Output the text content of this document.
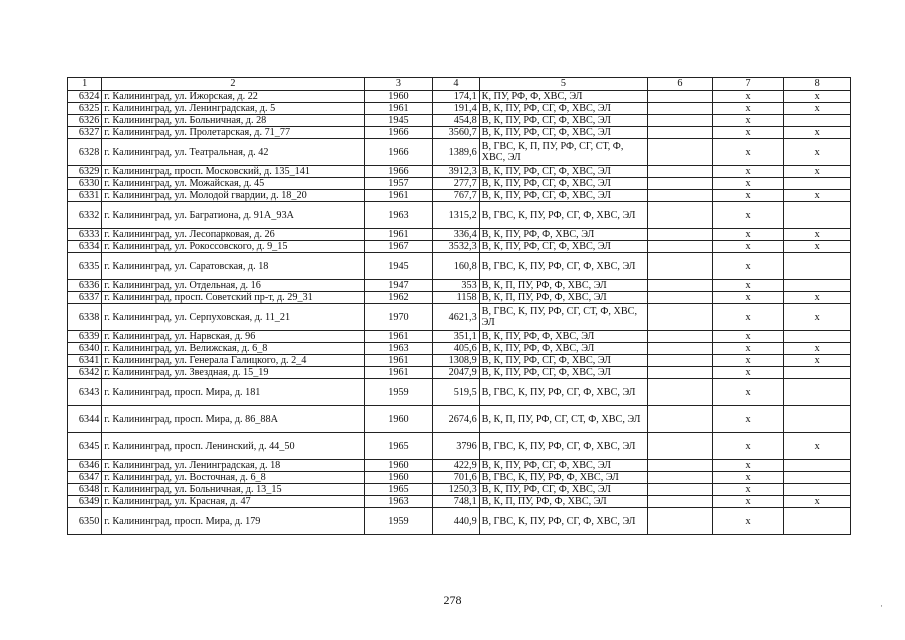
1	2	3	4	5	6	7	8
6324	г. Калининград, ул. Ижорская, д. 22	1960	174,1	К, ПУ, РФ, Ф, ХВС, ЭЛ		x	x
6325	г. Калининград, ул. Ленинградская, д. 5	1961	191,4	В, К, ПУ, РФ, СГ, Ф, ХВС, ЭЛ		x	x
6326	г. Калининград, ул. Больничная, д. 28	1945	454,8	В, К, ПУ, РФ, СГ, Ф, ХВС, ЭЛ		x	
6327	г. Калининград, ул. Пролетарская, д. 71_77	1966	3560,7	В, К, ПУ, РФ, СГ, Ф, ХВС, ЭЛ		x	x
6328	г. Калининград, ул. Театральная, д. 42	1966	1389,6	В, ГВС, К, П, ПУ, РФ, СГ, СТ, Ф, ХВС, ЭЛ		x	x
6329	г. Калининград, просп. Московский, д. 135_141	1966	3912,3	В, К, ПУ, РФ, СГ, Ф, ХВС, ЭЛ		x	x
6330	г. Калининград, ул. Можайская, д. 45	1957	277,7	В, К, ПУ, РФ, СГ, Ф, ХВС, ЭЛ		x	
6331	г. Калининград, ул. Молодой гвардии, д. 18_20	1961	767,7	В, К, ПУ, РФ, СГ, Ф, ХВС, ЭЛ		x	x
6332	г. Калининград, ул. Багратиона, д. 91А_93А	1963	1315,2	В, ГВС, К, ПУ, РФ, СГ, Ф, ХВС, ЭЛ		x	
6333	г. Калининград, ул. Лесопарковая, д. 26	1961	336,4	В, К, ПУ, РФ, Ф, ХВС, ЭЛ		x	x
6334	г. Калининград, ул. Рокоссовского, д. 9_15	1967	3532,3	В, К, ПУ, РФ, СГ, Ф, ХВС, ЭЛ		x	x
6335	г. Калининград, ул. Саратовская, д. 18	1945	160,8	В, ГВС, К, ПУ, РФ, СГ, Ф, ХВС, ЭЛ		x	
6336	г. Калининград, ул. Отдельная, д. 16	1947	353	В, К, П, ПУ, РФ, Ф, ХВС, ЭЛ		x	
6337	г. Калининград, просп. Советский пр-т, д. 29_31	1962	1158	В, К, П, ПУ, РФ, Ф, ХВС, ЭЛ		x	x
6338	г. Калининград, ул. Серпуховская, д. 11_21	1970	4621,3	В, ГВС, К, ПУ, РФ, СГ, СТ, Ф, ХВС, ЭЛ		x	x
6339	г. Калининград, ул. Нарвская, д. 96	1961	351,1	В, К, ПУ, РФ, Ф, ХВС, ЭЛ		x	
6340	г. Калининград, ул. Велижская, д. 6_8	1963	405,6	В, К, ПУ, РФ, Ф, ХВС, ЭЛ		x	x
6341	г. Калининград, ул. Генерала Галицкого, д. 2_4	1961	1308,9	В, К, ПУ, РФ, СГ, Ф, ХВС, ЭЛ		x	x
6342	г. Калининград, ул. Звездная, д. 15_19	1961	2047,9	В, К, ПУ, РФ, СГ, Ф, ХВС, ЭЛ		x	
6343	г. Калининград, просп. Мира, д. 181	1959	519,5	В, ГВС, К, ПУ, РФ, СГ, Ф, ХВС, ЭЛ		x	
6344	г. Калининград, просп. Мира, д. 86_88А	1960	2674,6	В, К, П, ПУ, РФ, СГ, СТ, Ф, ХВС, ЭЛ		x	
6345	г. Калининград, просп. Ленинский, д. 44_50	1965	3796	В, ГВС, К, ПУ, РФ, СГ, Ф, ХВС, ЭЛ		x	x
6346	г. Калининград, ул. Ленинградская, д. 18	1960	422,9	В, К, ПУ, РФ, СГ, Ф, ХВС, ЭЛ		x	
6347	г. Калининград, ул. Восточная, д. 6_8	1960	701,6	В, ГВС, К, ПУ, РФ, Ф, ХВС, ЭЛ		x	
6348	г. Калининград, ул. Больничная, д. 13_15	1965	1250,3	В, К, ПУ, РФ, СГ, Ф, ХВС, ЭЛ		x	
6349	г. Калининград, ул. Красная, д. 47	1963	748,1	В, К, П, ПУ, РФ, Ф, ХВС, ЭЛ		x	x
6350	г. Калининград, просп. Мира, д. 179	1959	440,9	В, ГВС, К, ПУ, РФ, СГ, Ф, ХВС, ЭЛ		x	
278	·
